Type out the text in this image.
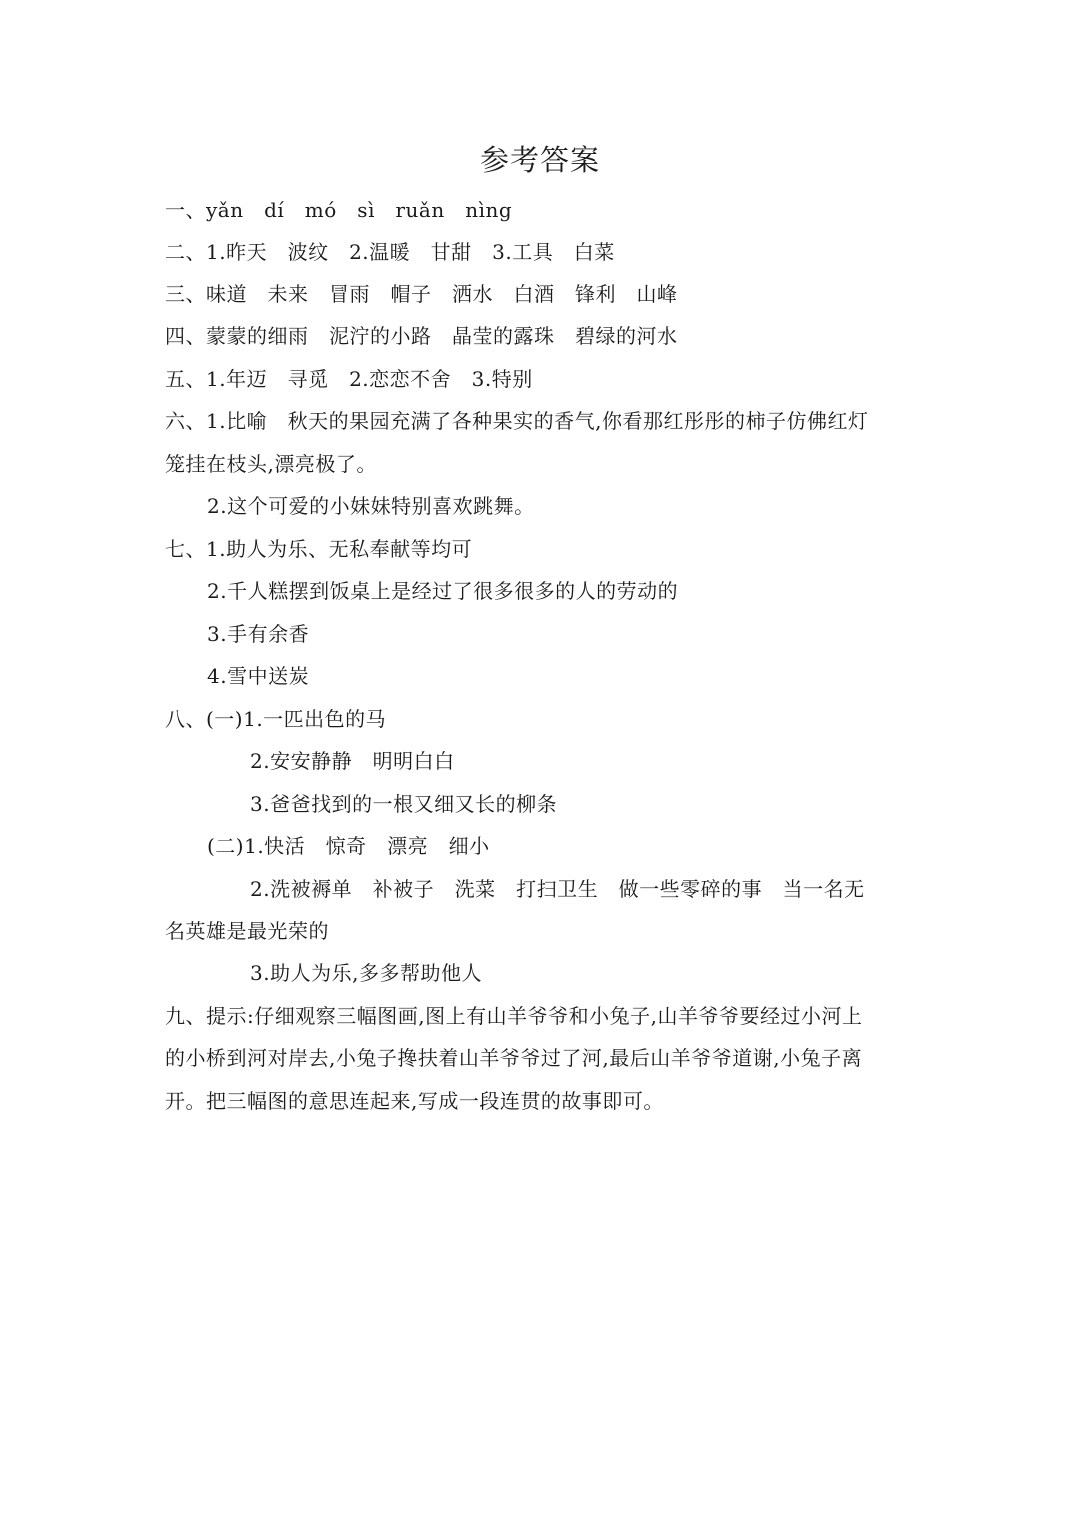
参考答案
一、yǎn　dí　mó　sì　ruǎn　nìng
二、1.昨天　波纹　2.温暖　甘甜　3.工具　白菜
三、味道　未来　冒雨　帽子　洒水　白酒　锋利　山峰
四、蒙蒙的细雨　泥泞的小路　晶莹的露珠　碧绿的河水
五、1.年迈　寻觅　2.恋恋不舍　3.特别
六、1.比喻　秋天的果园充满了各种果实的香气,你看那红彤彤的柿子仿佛红灯
笼挂在枝头,漂亮极了。
2.这个可爱的小妹妹特别喜欢跳舞。
七、1.助人为乐、无私奉献等均可
2.千人糕摆到饭桌上是经过了很多很多的人的劳动的
3.手有余香
4.雪中送炭
八、(一)1.一匹出色的马
2.安安静静　明明白白
3.爸爸找到的一根又细又长的柳条
(二)1.快活　惊奇　漂亮　细小
2.洗被褥单　补被子　洗菜　打扫卫生　做一些零碎的事　当一名无
名英雄是最光荣的
3.助人为乐,多多帮助他人
九、提示:仔细观察三幅图画,图上有山羊爷爷和小兔子,山羊爷爷要经过小河上
的小桥到河对岸去,小兔子搀扶着山羊爷爷过了河,最后山羊爷爷道谢,小兔子离
开。把三幅图的意思连起来,写成一段连贯的故事即可。
